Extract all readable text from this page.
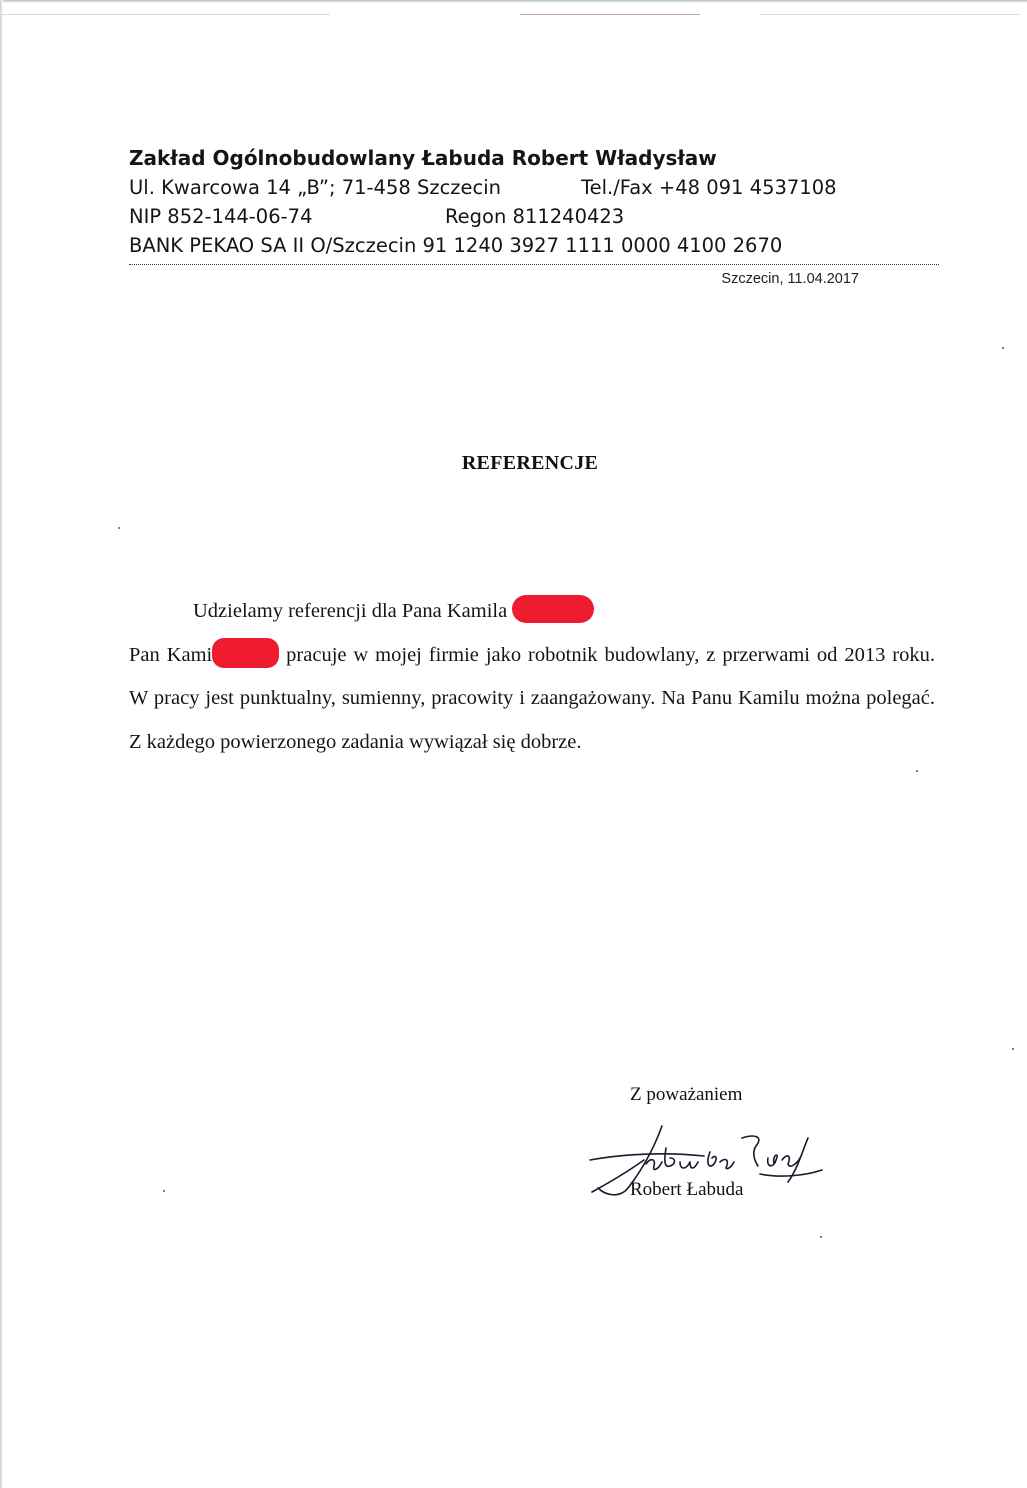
Zakład Ogólnobudowlany Łabuda Robert Władysław
Ul. Kwarcowa 14 „B”; 71-458 Szczecin	Tel./Fax +48 091 4537108
NIP 852-144-06-74	Regon 811240423
BANK PEKAO SA II O/Szczecin 91 1240 3927 1111 0000 4100 2670
Szczecin, 11.04.2017
REFERENCJE

Udzielamy referencji dla Pana Kamila

Pan Kami	pracuje w mojej firmie jako robotnik budowlany, z przerwami od 2013 roku. W pracy jest punktualny, sumienny, pracowity i zaangażowany. Na Panu Kamilu można polegać. Z każdego powierzonego zadania wywiązał się dobrze.

Z poważaniem
Robert Łabuda
